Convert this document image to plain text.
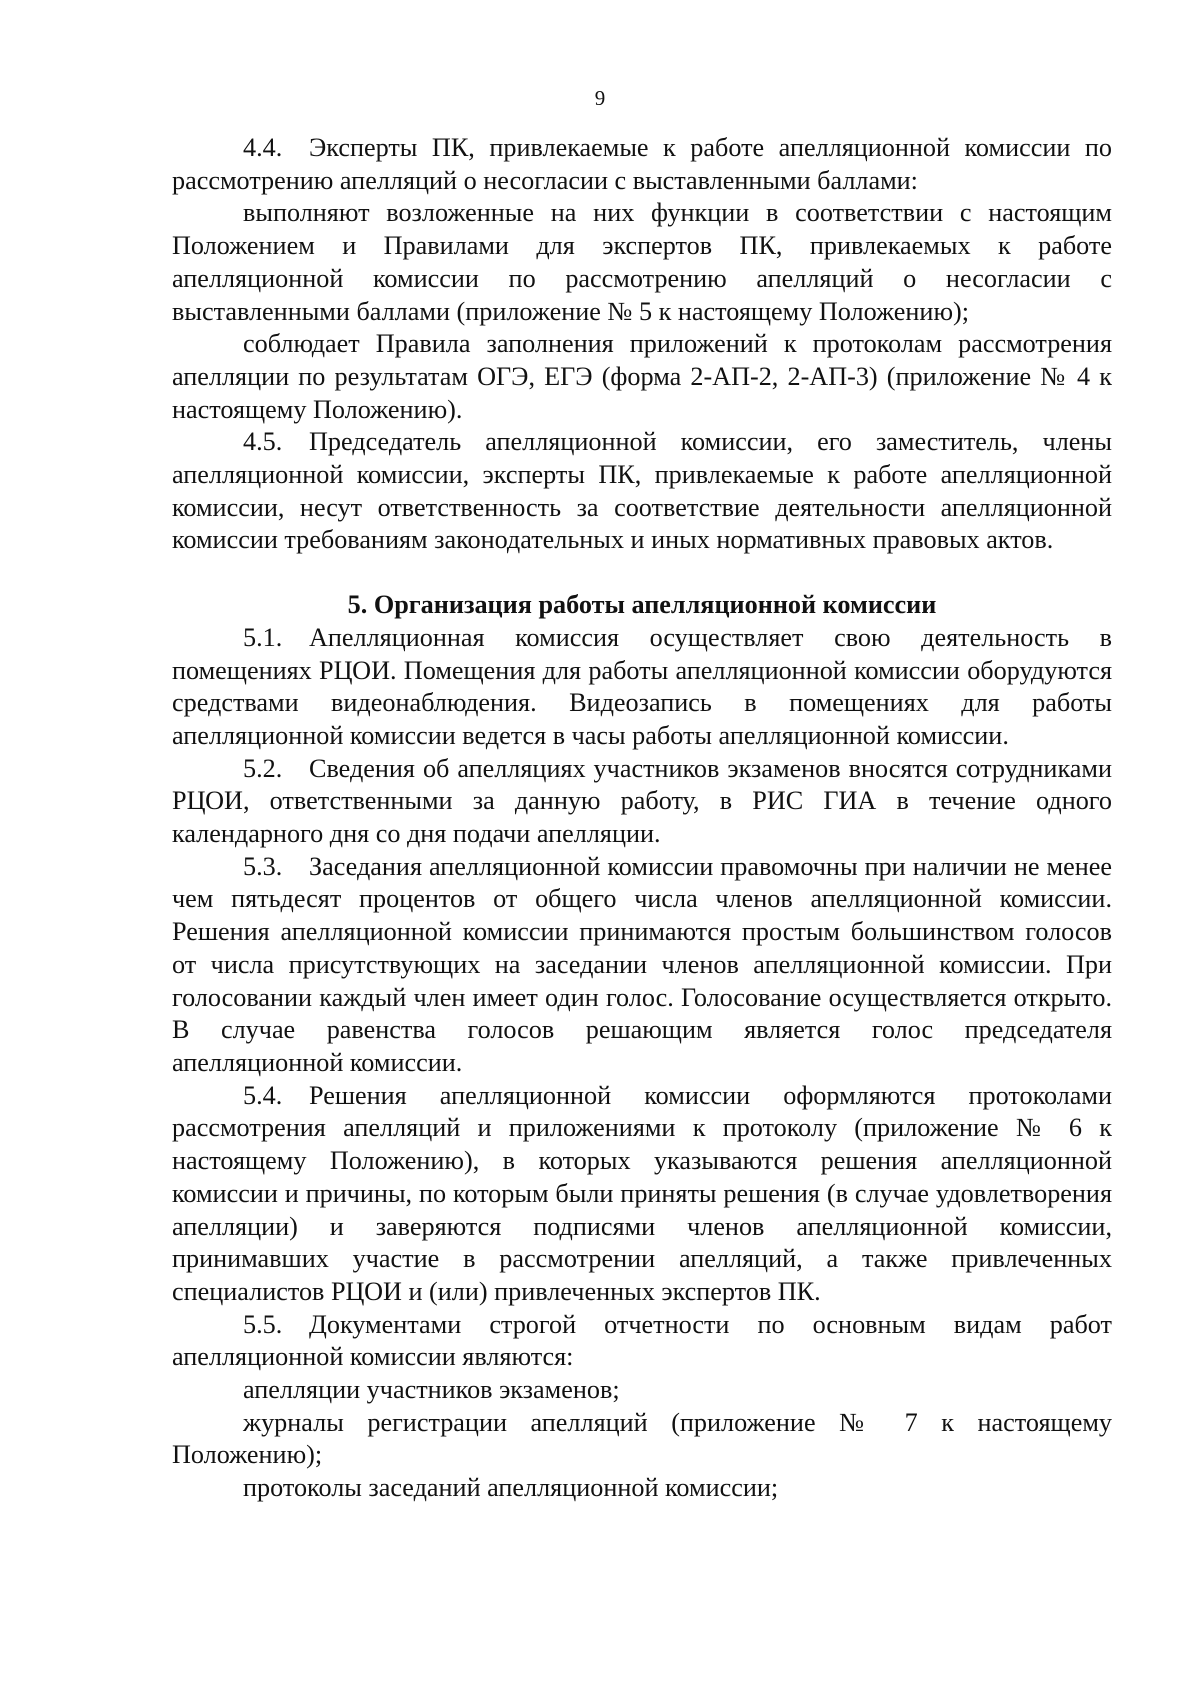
9

4.4. Эксперты ПК, привлекаемые к работе апелляционной комиссии по рассмотрению апелляций о несогласии с выставленными баллами:

выполняют возложенные на них функции в соответствии с настоящим Положением и Правилами для экспертов ПК, привлекаемых к работе апелляционной комиссии по рассмотрению апелляций о несогласии с выставленными баллами (приложение № 5 к настоящему Положению);

соблюдает Правила заполнения приложений к протоколам рассмотрения апелляции по результатам ОГЭ, ЕГЭ (форма 2-АП-2, 2-АП-3) (приложение № 4 к настоящему Положению).

4.5. Председатель апелляционной комиссии, его заместитель, члены апелляционной комиссии, эксперты ПК, привлекаемые к работе апелляционной комиссии, несут ответственность за соответствие деятельности апелляционной комиссии требованиям законодательных и иных нормативных правовых актов.

5. Организация работы апелляционной комиссии

5.1. Апелляционная комиссия осуществляет свою деятельность в помещениях РЦОИ. Помещения для работы апелляционной комиссии оборудуются средствами видеонаблюдения. Видеозапись в помещениях для работы апелляционной комиссии ведется в часы работы апелляционной комиссии.

5.2. Сведения об апелляциях участников экзаменов вносятся сотрудниками РЦОИ, ответственными за данную работу, в РИС ГИА в течение одного календарного дня со дня подачи апелляции.

5.3. Заседания апелляционной комиссии правомочны при наличии не менее чем пятьдесят процентов от общего числа членов апелляционной комиссии. Решения апелляционной комиссии принимаются простым большинством голосов от числа присутствующих на заседании членов апелляционной комиссии. При голосовании каждый член имеет один голос. Голосование осуществляется открыто. В случае равенства голосов решающим является голос председателя апелляционной комиссии.

5.4. Решения апелляционной комиссии оформляются протоколами рассмотрения апелляций и приложениями к протоколу (приложение № 6 к настоящему Положению), в которых указываются решения апелляционной комиссии и причины, по которым были приняты решения (в случае удовлетворения апелляции) и заверяются подписями членов апелляционной комиссии, принимавших участие в рассмотрении апелляций, а также привлеченных специалистов РЦОИ и (или) привлеченных экспертов ПК.

5.5. Документами строгой отчетности по основным видам работ апелляционной комиссии являются:

апелляции участников экзаменов;

журналы регистрации апелляций (приложение № 7 к настоящему Положению);

протоколы заседаний апелляционной комиссии;
